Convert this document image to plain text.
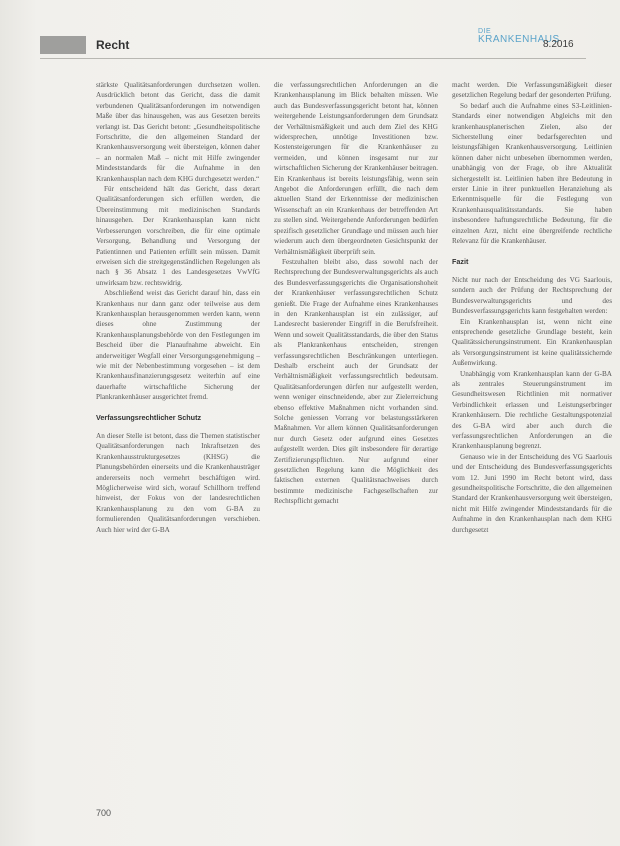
Recht
DIE
KRANKENHAUS
8.2016

stärkste Qualitätsanforderungen durchsetzen wollen. Ausdrücklich betont das Gericht, dass die damit verbundenen Qualitätsanforderungen im notwendigen Maße über das hinausgehen, was aus Gesetzen bereits verlangt ist. Das Gericht betont: „Gesundheitspolitische Fortschritte, die den allgemeinen Standard der Krankenhausversorgung weit übersteigen, können daher – an normalen Maß – nicht mit Hilfe zwingender Mindeststandards für die Aufnahme in den Krankenhausplan nach dem KHG durchgesetzt werden.“

Für entscheidend hält das Gericht, dass derart Qualitätsanforderungen sich erfüllen werden, die Übereinstimmung mit medizinischen Standards hinausgehen. Der Krankenhausplan kann nicht Verbesserungen vorschreiben, die für eine optimale Versorgung, Behandlung und Versorgung der Patientinnen und Patienten erfüllt sein müssen. Damit erweisen sich die streitgegenständlichen Regelungen als nach § 36 Absatz 1 des Landesgesetzes VwVfG unwirksam bzw. rechtswidrig.

Abschließend weist das Gericht darauf hin, dass ein Krankenhaus nur dann ganz oder teilweise aus dem Krankenhausplan herausgenommen werden kann, wenn dieses ohne Zustimmung der Krankenhausplanungsbehörde von den Festlegungen im Bescheid über die Planaufnahme abweicht. Ein anderweitiger Wegfall einer Versorgungsgenehmigung – wie mit der Nebenbestimmung vorgesehen – ist dem Krankenhausfinanzierungsgesetz weiterhin auf eine dauerhafte wirtschaftliche Sicherung der Plankrankenhäuser ausgerichtet fremd.

Verfassungsrechtlicher Schutz

An dieser Stelle ist betont, dass die Themen statistischer Qualitätsanforderungen nach Inkraftsetzen des Krankenhausstrukturgesetzes (KHSG) die Planungsbehörden einerseits und die Krankenhausträger andererseits noch vermehrt beschäftigen wird. Möglicherweise wird sich, worauf Schillhorn treffend hinweist, der Fokus von der landesrechtlichen Krankenhausplanung zu den vom G-BA zu formulierenden Qualitätsanforderungen verschieben. Auch hier wird der G-BA

die verfassungsrechtlichen Anforderungen an die Krankenhausplanung im Blick behalten müssen. Wie auch das Bundesverfassungsgericht betont hat, können weitergehende Leistungsanforderungen dem Grundsatz der Verhältnismäßigkeit und auch dem Ziel des KHG widersprechen, unnötige Investitionen bzw. Kostensteigerungen für die Krankenhäuser zu vermeiden, und können insgesamt nur zur wirtschaftlichen Sicherung der Krankenhäuser beitragen. Ein Krankenhaus ist bereits leistungsfähig, wenn sein Angebot die Anforderungen erfüllt, die nach dem aktuellen Stand der Erkenntnisse der medizinischen Wissenschaft an ein Krankenhaus der betreffenden Art zu stellen sind. Weitergehende Anforderungen bedürfen spezifisch gesetzlicher Grundlage und müssen auch hier wiederum auch dem übergeordneten Gesichtspunkt der Verhältnismäßigkeit überprüft sein.

Festzuhalten bleibt also, dass sowohl nach der Rechtsprechung der Bundesverwaltungsgerichts als auch des Bundesverfassungsgerichts die Organisationshoheit der Krankenhäuser verfassungsrechtlichen Schutz genießt. Die Frage der Aufnahme eines Krankenhauses in den Krankenhausplan ist ein zulässiger, auf Landesrecht basierender Eingriff in die Berufsfreiheit. Wenn und soweit Qualitätsstandards, die über den Status als Plankrankenhaus entscheiden, strengen verfassungsrechtlichen Beschränkungen unterliegen. Deshalb erscheint auch der Grundsatz der Verhältnismäßigkeit verfassungsrechtlich bedeutsam. Qualitätsanforderungen dürfen nur aufgestellt werden, wenn weniger einschneidende, aber zur Zielerreichung ebenso effektive Maßnahmen nicht vorhanden sind. Solche geniessen Vorrang vor belastungsstärkeren Maßnahmen. Vor allem können Qualitätsanforderungen nur durch Gesetz oder aufgrund eines Gesetzes aufgestellt werden. Dies gilt insbesondere für derartige Zertifizierungspflichten. Nur aufgrund einer gesetzlichen Regelung kann die Möglichkeit des faktischen externen Qualitätsnachweises durch bestimmte medizinische Fachgesellschaften zur Rechtspflicht gemacht

macht werden. Die Verfassungsmäßigkeit dieser gesetzlichen Regelung bedarf der gesonderten Prüfung.

So bedarf auch die Aufnahme eines S3-Leitlinien-Standards einer notwendigen Abgleichs mit den krankenhausplanerischen Zielen, also der Sicherstellung einer bedarfsgerechten und leistungsfähigen Krankenhausversorgung. Leitlinien können daher nicht unbesehen übernommen werden, unabhängig von der Frage, ob ihre Aktualität sichergestellt ist. Leitlinien haben ihre Bedeutung in erster Linie in ihrer punktuellen Heranziehung als Erkenntnisquelle für die Festlegung von Krankenhausqualitätsstandards. Sie haben insbesondere haftungsrechtliche Bedeutung, für die einzelnen Arzt, nicht eine übergreifende rechtliche Relevanz für die Krankenhäuser.

Fazit

Nicht nur nach der Entscheidung des VG Saarlouis, sondern auch der Prüfung der Rechtsprechung der Bundesverwaltungsgerichts und des Bundesverfassungsgerichts kann festgehalten werden:

Ein Krankenhausplan ist, wenn nicht eine entsprechende gesetzliche Grundlage besteht, kein Qualitätssicherungsinstrument. Ein Krankenhausplan als Versorgungsinstrument ist keine qualitätssichernde Außenwirkung.

Unabhängig vom Krankenhausplan kann der G-BA als zentrales Steuerungsinstrument im Gesundheitswesen Richtlinien mit normativer Verbindlichkeit erlassen und Leistungserbringer Krankenhäusern. Die rechtliche Gestaltungspotenzial des G-BA wird aber auch durch die verfassungsrechtlichen Anforderungen an die Krankenhausplanung begrenzt.

Genauso wie in der Entscheidung des VG Saarlouis und der Entscheidung des Bundesverfassungsgerichts vom 12. Juni 1990 im Recht betont wird, dass gesundheitspolitische Fortschritte, die den allgemeinen Standard der Krankenhausversorgung weit übersteigen, nicht mit Hilfe zwingender Mindeststandards für die Aufnahme in den Krankenhausplan nach dem KHG durchgesetzt

700
